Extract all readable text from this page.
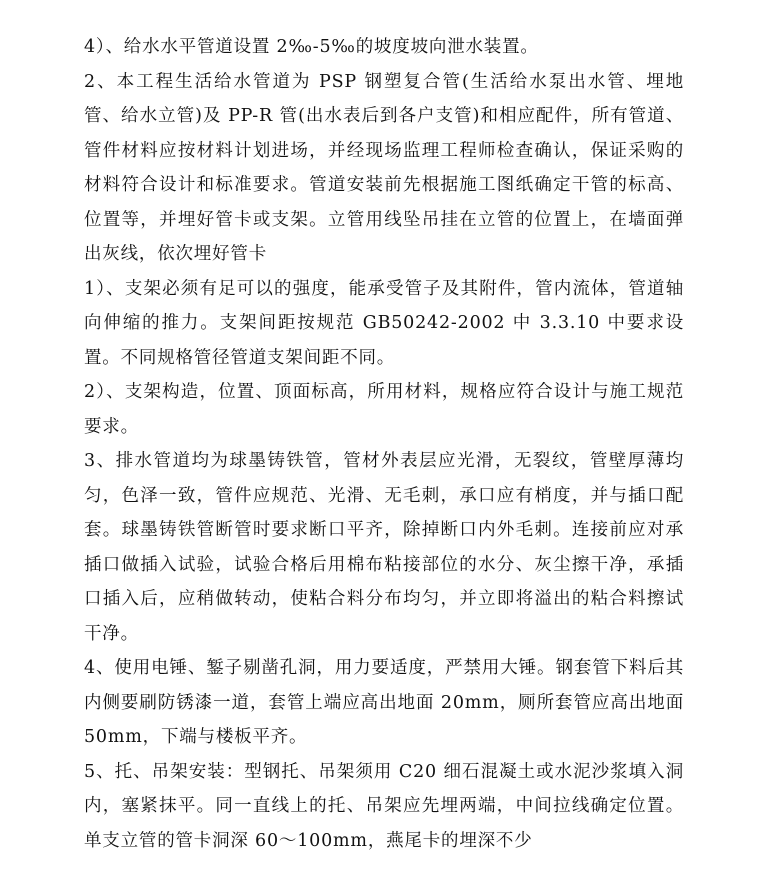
4）、给水水平管道设置 2‰-5‰的坡度坡向泄水装置。

2、本工程生活给水管道为 PSP 钢塑复合管(生活给水泵出水管、埋地管、给水立管)及 PP-R 管(出水表后到各户支管)和相应配件，所有管道、管件材料应按材料计划进场，并经现场监理工程师检查确认，保证采购的材料符合设计和标准要求。管道安装前先根据施工图纸确定干管的标高、位置等，并埋好管卡或支架。立管用线坠吊挂在立管的位置上，在墙面弹出灰线，依次埋好管卡

1）、支架必须有足可以的强度，能承受管子及其附件，管内流体，管道轴向伸缩的推力。支架间距按规范 GB50242-2002 中 3.3.10 中要求设置。不同规格管径管道支架间距不同。

2）、支架构造，位置、顶面标高，所用材料，规格应符合设计与施工规范要求。

3、排水管道均为球墨铸铁管，管材外表层应光滑，无裂纹，管壁厚薄均匀，色泽一致，管件应规范、光滑、无毛刺，承口应有梢度，并与插口配套。球墨铸铁管断管时要求断口平齐，除掉断口内外毛刺。连接前应对承插口做插入试验，试验合格后用棉布粘接部位的水分、灰尘擦干净，承插口插入后，应稍做转动，使粘合料分布均匀，并立即将溢出的粘合料擦试干净。

4、使用电锤、錾子剔凿孔洞，用力要适度，严禁用大锤。钢套管下料后其内侧要刷防锈漆一道，套管上端应高出地面 20mm，厕所套管应高出地面 50mm，下端与楼板平齐。

5、托、吊架安装：型钢托、吊架须用 C20 细石混凝土或水泥沙浆填入洞内，塞紧抹平。同一直线上的托、吊架应先埋两端，中间拉线确定位置。单支立管的管卡洞深 60～100mm，燕尾卡的埋深不少
